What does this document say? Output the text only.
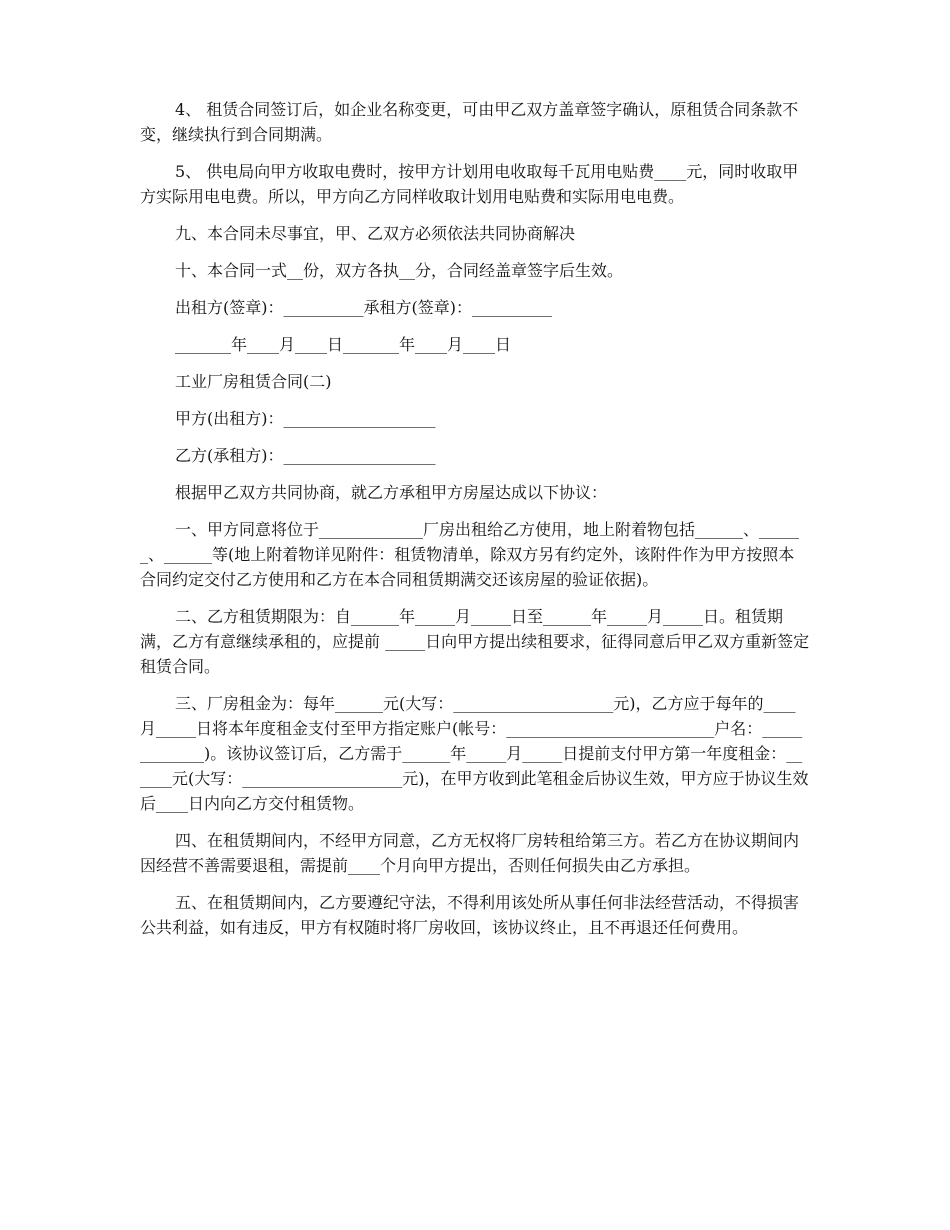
4、 租赁合同签订后，如企业名称变更，可由甲乙双方盖章签字确认，原租赁合同条款不变，继续执行到合同期满。

5、 供电局向甲方收取电费时，按甲方计划用电收取每千瓦用电贴费____元，同时收取甲方实际用电电费。所以，甲方向乙方同样收取计划用电贴费和实际用电电费。

九、本合同未尽事宜，甲、乙双方必须依法共同协商解决

十、本合同一式__份，双方各执__分，合同经盖章签字后生效。

出租方(签章)：__________承租方(签章)：__________

_______年____月____日_______年____月____日

工业厂房租赁合同(二)

甲方(出租方)：___________________

乙方(承租方)：___________________

根据甲乙双方共同协商，就乙方承租甲方房屋达成以下协议：

一、甲方同意将位于_____________厂房出租给乙方使用，地上附着物包括______、______、______等(地上附着物详见附件：租赁物清单，除双方另有约定外，该附件作为甲方按照本合同约定交付乙方使用和乙方在本合同租赁期满交还该房屋的验证依据)。

二、乙方租赁期限为：自______年_____月_____日至______年_____月_____日。租赁期满，乙方有意继续承租的，应提前 _____日向甲方提出续租要求，征得同意后甲乙双方重新签定租赁合同。

三、厂房租金为：每年______元(大写：____________________元)，乙方应于每年的____月_____日将本年度租金支付至甲方指定账户(帐号：__________________________户名：_____________)。该协议签订后，乙方需于______年_____月_____日提前支付甲方第一年度租金：______元(大写：____________________元)，在甲方收到此笔租金后协议生效，甲方应于协议生效后____日内向乙方交付租赁物。

四、在租赁期间内，不经甲方同意，乙方无权将厂房转租给第三方。若乙方在协议期间内因经营不善需要退租，需提前____个月向甲方提出，否则任何损失由乙方承担。

五、在租赁期间内，乙方要遵纪守法，不得利用该处所从事任何非法经营活动，不得损害公共利益，如有违反，甲方有权随时将厂房收回，该协议终止，且不再退还任何费用。
